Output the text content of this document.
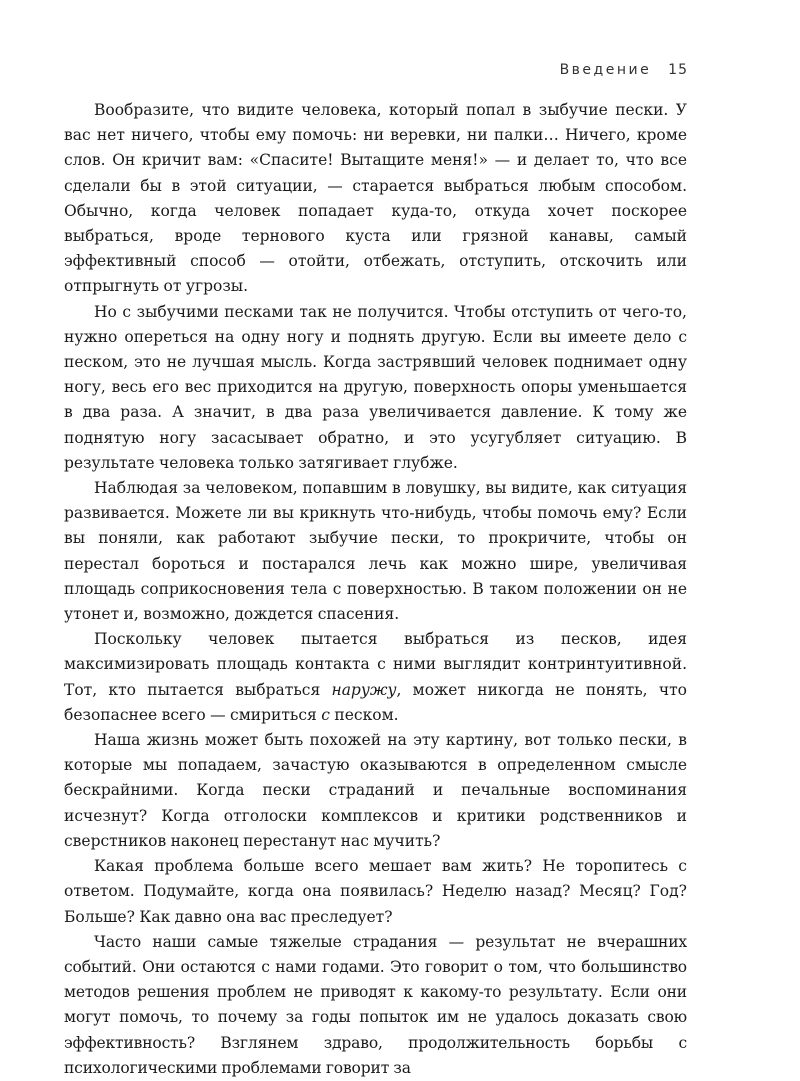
Введение 15

Вообразите, что видите человека, который попал в зыбучие пески. У вас нет ничего, чтобы ему помочь: ни веревки, ни палки… Ничего, кроме слов. Он кричит вам: «Спасите! Вытащите меня!» — и делает то, что все сделали бы в этой ситуации, — старается выбраться любым способом. Обычно, когда человек попадает куда-то, откуда хочет поскорее выбраться, вроде тернового куста или грязной канавы, самый эффективный способ — отойти, отбежать, отступить, отскочить или отпрыгнуть от угрозы.

Но с зыбучими песками так не получится. Чтобы отступить от чего-то, нужно опереться на одну ногу и поднять другую. Если вы имеете дело с песком, это не лучшая мысль. Когда застрявший человек поднимает одну ногу, весь его вес приходится на другую, поверхность опоры уменьшается в два раза. А значит, в два раза увеличивается давление. К тому же поднятую ногу засасывает обратно, и это усугубляет ситуацию. В результате человека только затягивает глубже.

Наблюдая за человеком, попавшим в ловушку, вы видите, как ситуация развивается. Можете ли вы крикнуть что-нибудь, чтобы помочь ему? Если вы поняли, как работают зыбучие пески, то прокричите, чтобы он перестал бороться и постарался лечь как можно шире, увеличивая площадь соприкосновения тела с поверхностью. В таком положении он не утонет и, возможно, дождется спасения.

Поскольку человек пытается выбраться из песков, идея максимизировать площадь контакта с ними выглядит контринтуитивной. Тот, кто пытается выбраться наружу, может никогда не понять, что безопаснее всего — смириться с песком.

Наша жизнь может быть похожей на эту картину, вот только пески, в которые мы попадаем, зачастую оказываются в определенном смысле бескрайними. Когда пески страданий и печальные воспоминания исчезнут? Когда отголоски комплексов и критики родственников и сверстников наконец перестанут нас мучить?

Какая проблема больше всего мешает вам жить? Не торопитесь с ответом. Подумайте, когда она появилась? Неделю назад? Месяц? Год? Больше? Как давно она вас преследует?

Часто наши самые тяжелые страдания — результат не вчерашних событий. Они остаются с нами годами. Это говорит о том, что большинство методов решения проблем не приводят к какому-то результату. Если они могут помочь, то почему за годы попыток им не удалось доказать свою эффективность? Взглянем здраво, продолжительность борьбы с психологическими проблемами говорит за
